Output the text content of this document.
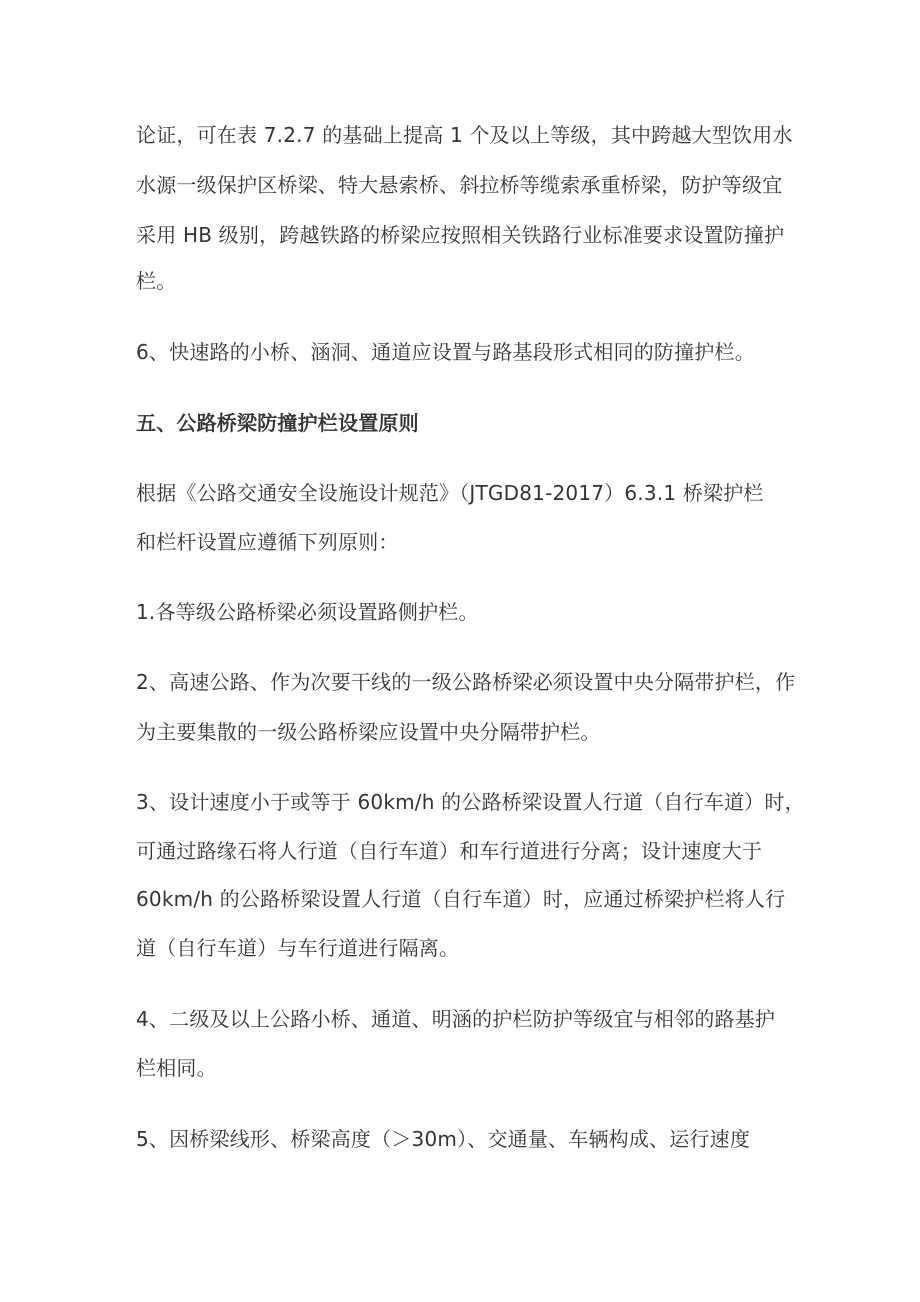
论证，可在表 7.2.7 的基础上提高 1 个及以上等级，其中跨越大型饮用水
水源一级保护区桥梁、特大悬索桥、斜拉桥等缆索承重桥梁，防护等级宜
采用 HB 级别，跨越铁路的桥梁应按照相关铁路行业标准要求设置防撞护
栏。
6、快速路的小桥、涵洞、通道应设置与路基段形式相同的防撞护栏。
五、公路桥梁防撞护栏设置原则
根据《公路交通安全设施设计规范》（JTGD81-2017）6.3.1 桥梁护栏
和栏杆设置应遵循下列原则：
1.各等级公路桥梁必须设置路侧护栏。
2、高速公路、作为次要干线的一级公路桥梁必须设置中央分隔带护栏，作
为主要集散的一级公路桥梁应设置中央分隔带护栏。
3、设计速度小于或等于 60km/h 的公路桥梁设置人行道（自行车道）时，
可通过路缘石将人行道（自行车道）和车行道进行分离；设计速度大于
60km/h 的公路桥梁设置人行道（自行车道）时，应通过桥梁护栏将人行
道（自行车道）与车行道进行隔离。
4、二级及以上公路小桥、通道、明涵的护栏防护等级宜与相邻的路基护
栏相同。
5、因桥梁线形、桥梁高度（＞30m）、交通量、车辆构成、运行速度
